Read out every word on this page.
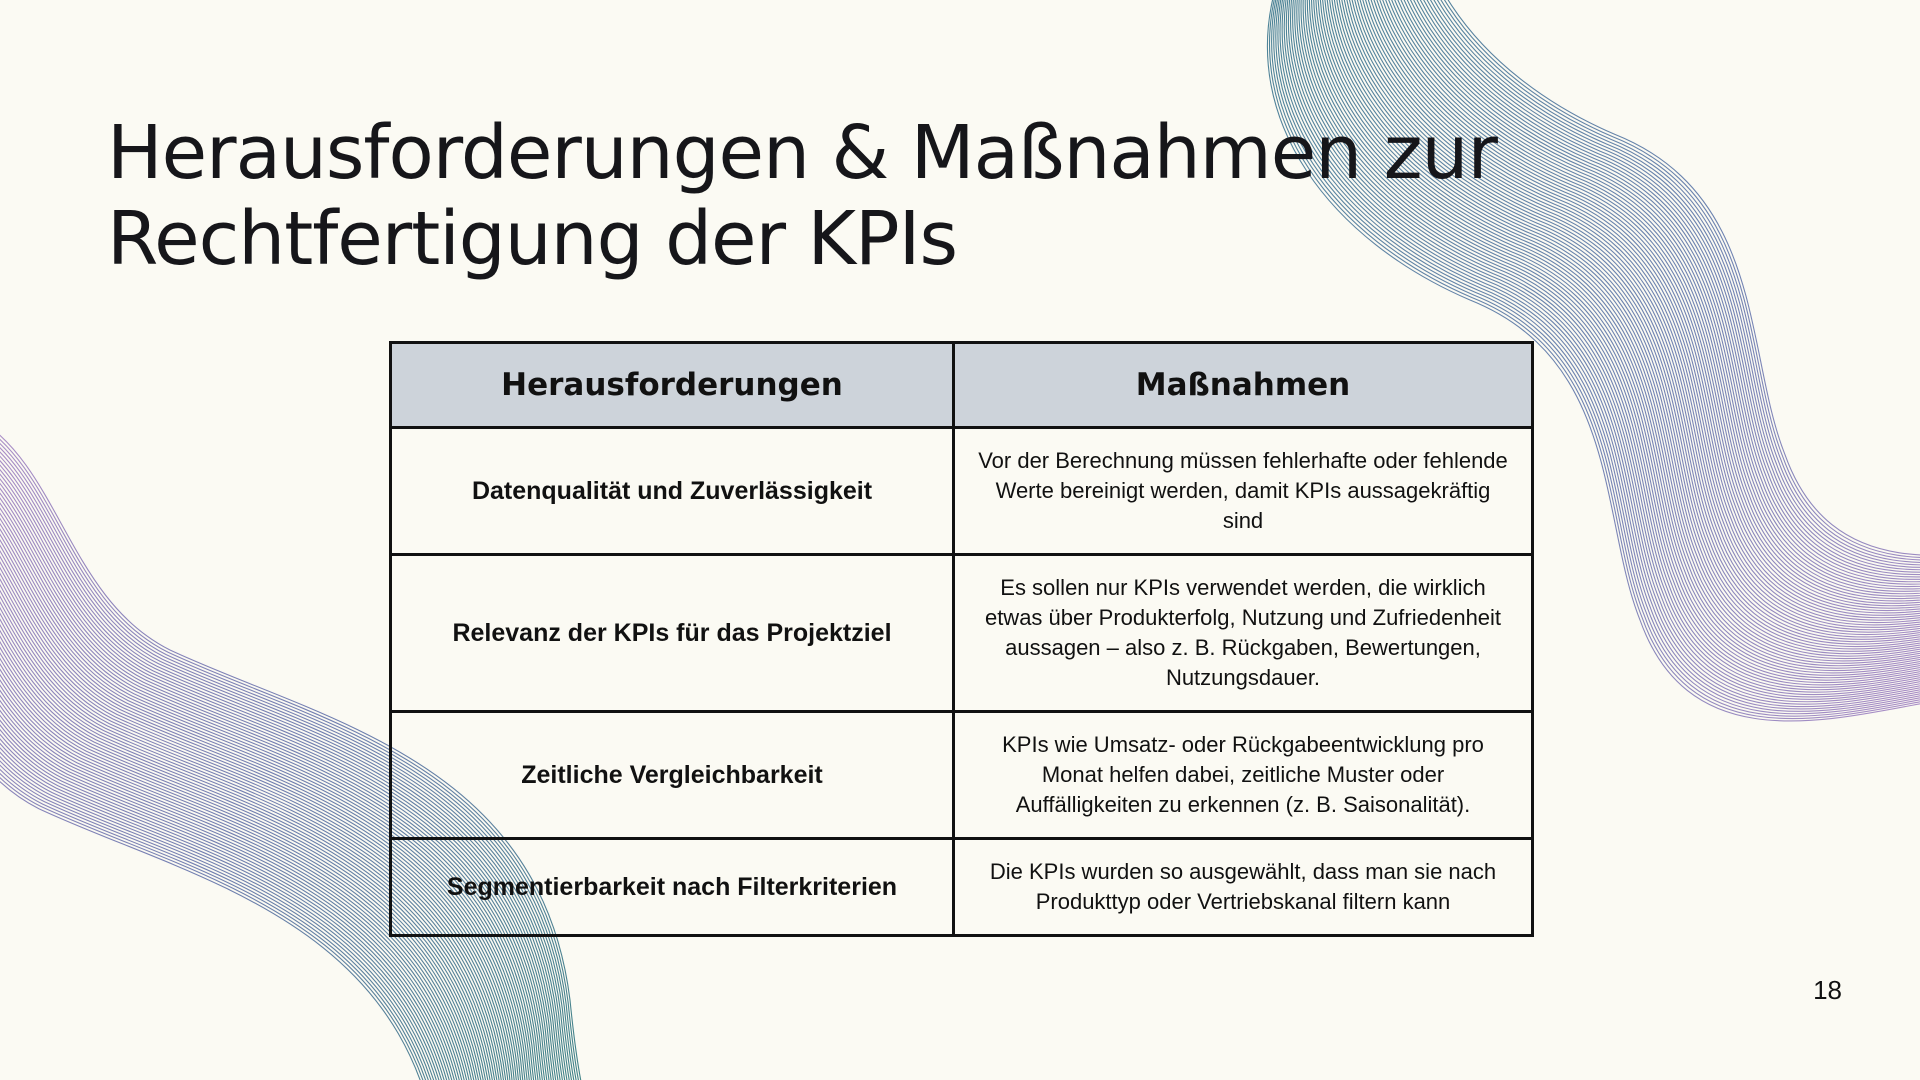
Herausforderungen & Maßnahmen zur
Rechtfertigung der KPIs
Herausforderungen	Maßnahmen
Datenqualität und Zuverlässigkeit	Vor der Berechnung müssen fehlerhafte oder fehlende Werte bereinigt werden, damit KPIs aussagekräftig sind
Relevanz der KPIs für das Projektziel	Es sollen nur KPIs verwendet werden, die wirklich etwas über Produkterfolg, Nutzung und Zufriedenheit aussagen – also z. B. Rückgaben, Bewertungen, Nutzungsdauer.
Zeitliche Vergleichbarkeit	KPIs wie Umsatz- oder Rückgabeentwicklung pro Monat helfen dabei, zeitliche Muster oder Auffälligkeiten zu erkennen (z. B. Saisonalität).
Segmentierbarkeit nach Filterkriterien	Die KPIs wurden so ausgewählt, dass man sie nach Produkttyp oder Vertriebskanal filtern kann
18
